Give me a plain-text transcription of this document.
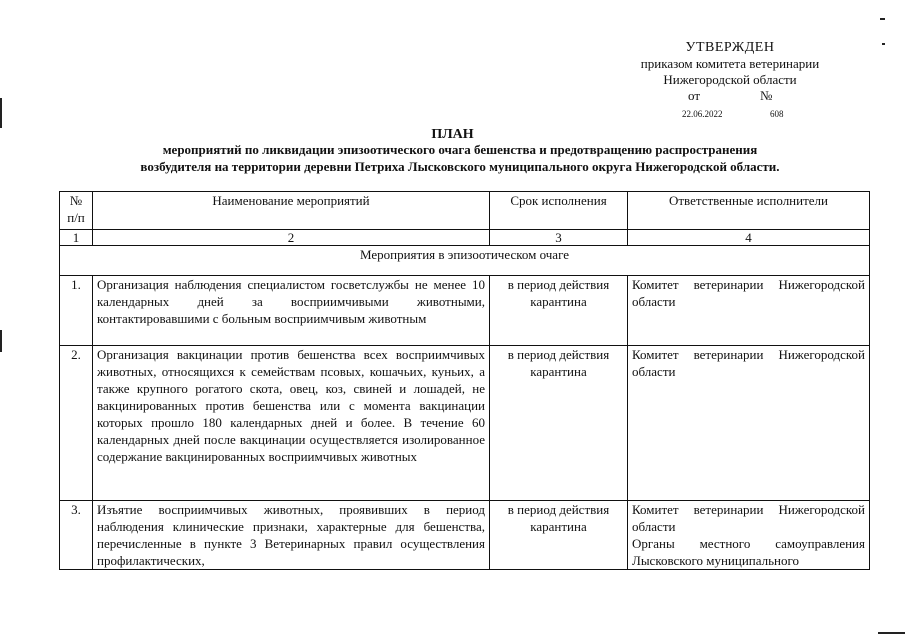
УТВЕРЖДЕН
приказом комитета ветеринарии
Нижегородской области
от	№
22.06.2022	608
ПЛАН
мероприятий по ликвидации эпизоотического очага бешенства и предотвращению распространения
возбудителя на территории деревни Петриха Лысковского муниципального округа Нижегородской области.
№ п/п	Наименование мероприятий	Срок исполнения	Ответственные исполнители
1	2	3	4
Мероприятия в эпизоотическом очаге			
1.	Организация наблюдения специалистом госветслужбы не менее 10 календарных дней за восприимчивыми животными, контактировавшими с больным восприимчивым животным	в период действия карантина	Комитет ветеринарии Нижегородской области
2.	Организация вакцинации против бешенства всех восприимчивых животных, относящихся к семействам псовых, кошачьих, куньих, а также крупного рогатого скота, овец, коз, свиней и лошадей, не вакцинированных против бешенства или с момента вакцинации которых прошло 180 календарных дней и более. В течение 60 календарных дней после вакцинации осуществляется изолированное содержание вакцинированных восприимчивых животных	в период действия карантина	Комитет ветеринарии Нижегородской области
3.	Изъятие восприимчивых животных, проявивших в период наблюдения клинические признаки, характерные для бешенства, перечисленные в пункте 3 Ветеринарных правил осуществления профилактических,	в период действия карантина	Комитет ветеринарии Нижегородской области
Органы местного самоуправления Лысковского муниципального
